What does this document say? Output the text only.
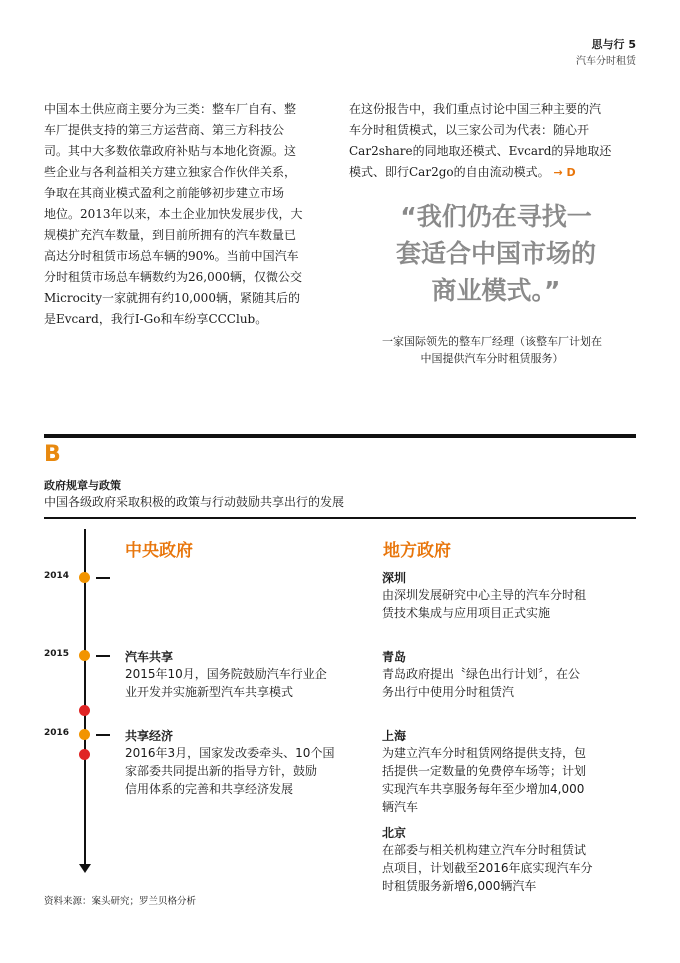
思与行 5
汽车分时租赁
中国本土供应商主要分为三类：整车厂自有、整
车厂提供支持的第三方运营商、第三方科技公
司。其中大多数依靠政府补贴与本地化资源。这
些企业与各利益相关方建立独家合作伙伴关系，
争取在其商业模式盈利之前能够初步建立市场
地位。2013年以来，本土企业加快发展步伐，大
规模扩充汽车数量，到目前所拥有的汽车数量已
高达分时租赁市场总车辆的90%。当前中国汽车
分时租赁市场总车辆数约为26,000辆，仅微公交
Microcity一家就拥有约10,000辆，紧随其后的
是Evcard，我行I-Go和车纷享CCClub。
在这份报告中，我们重点讨论中国三种主要的汽
车分时租赁模式，以三家公司为代表：随心开
Car2share的同地取还模式、Evcard的异地取还
模式、即行Car2go的自由流动模式。 → D
“我们仍在寻找一
套适合中国市场的
商业模式。”
一家国际领先的整车厂经理（该整车厂计划在
中国提供汽车分时租赁服务）
B
政府规章与政策
中国各级政府采取积极的政策与行动鼓励共享出行的发展
中央政府	地方政府
2014
2015
2016
汽车共享
2015年10月，国务院鼓励汽车行业企
业开发并实施新型汽车共享模式
共享经济
2016年3月，国家发改委牵头、10个国
家部委共同提出新的指导方针，鼓励
信用体系的完善和共享经济发展
深圳
由深圳发展研究中心主导的汽车分时租
赁技术集成与应用项目正式实施
青岛
青岛政府提出〝绿色出行计划〞，在公
务出行中使用分时租赁汽
上海
为建立汽车分时租赁网络提供支持，包
括提供一定数量的免费停车场等；计划
实现汽车共享服务每年至少增加4,000
辆汽车
北京
在部委与相关机构建立汽车分时租赁试
点项目，计划截至2016年底实现汽车分
时租赁服务新增6,000辆汽车
资料来源：案头研究；罗兰贝格分析
